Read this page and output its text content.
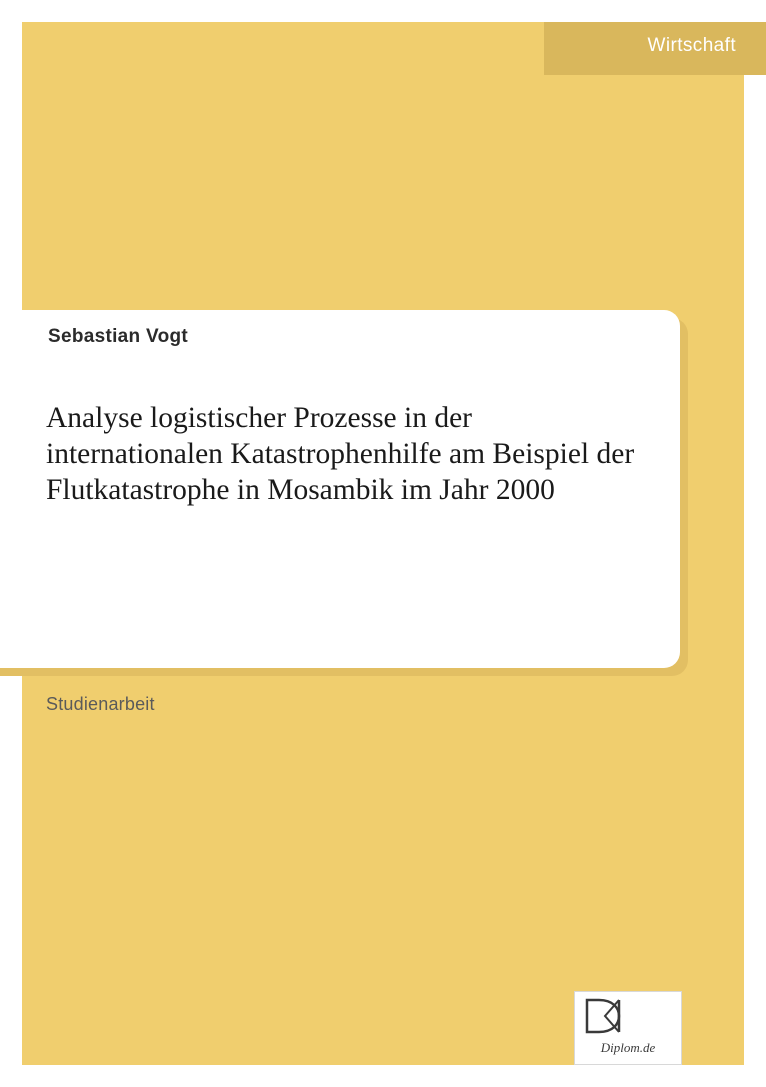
Wirtschaft
Sebastian Vogt
Analyse logistischer Prozesse in der internationalen Katastrophenhilfe am Beispiel der Flutkatastrophe in Mosambik im Jahr 2000
Studienarbeit
Diplom.de
